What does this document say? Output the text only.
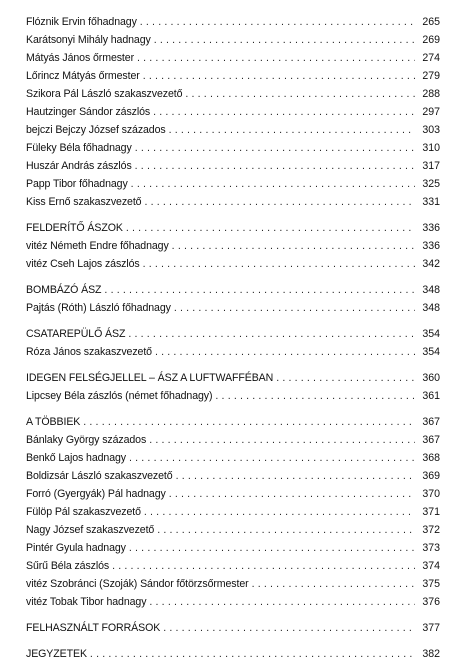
Flóznik Ervin főhadnagy .....	265
Karátsonyi Mihály hadnagy .....	269
Mátyás János őrmester .....	274
Lőrincz Mátyás őrmester .....	279
Szikora Pál László szakaszvezető .....	288
Hautzinger Sándor zászlós .....	297
bejczi Bejczy József százados .....	303
Füleky Béla főhadnagy .....	310
Huszár András zászlós .....	317
Papp Tibor főhadnagy .....	325
Kiss Ernő szakaszvezető .....	331
FELDERÍTŐ ÁSZOK .....	336
vitéz Németh Endre főhadnagy .....	336
vitéz Cseh Lajos zászlós .....	342
BOMBÁZÓ ÁSZ .....	348
Pajtás (Róth) László főhadnagy .....	348
CSATAREPÜLŐ ÁSZ .....	354
Róza János szakaszvezető .....	354
IDEGEN FELSÉGJELLEL – ÁSZ A LUFTWAFFÉBAN .....	360
Lipcsey Béla zászlós (német főhadnagy) .....	361
A TÖBBIEK .....	367
Bánlaky György százados .....	367
Benkő Lajos hadnagy .....	368
Boldizsár László szakaszvezető .....	369
Forró (Gyergyák) Pál hadnagy .....	370
Fülöp Pál szakaszvezető .....	371
Nagy József szakaszvezető .....	372
Pintér Gyula hadnagy .....	373
Sűrű Béla zászlós .....	374
vitéz Szobránci (Szoják) Sándor főtörzsőrmester .....	375
vitéz Tobak Tibor hadnagy .....	376
FELHASZNÁLT FORRÁSOK .....	377
JEGYZETEK .....	382
